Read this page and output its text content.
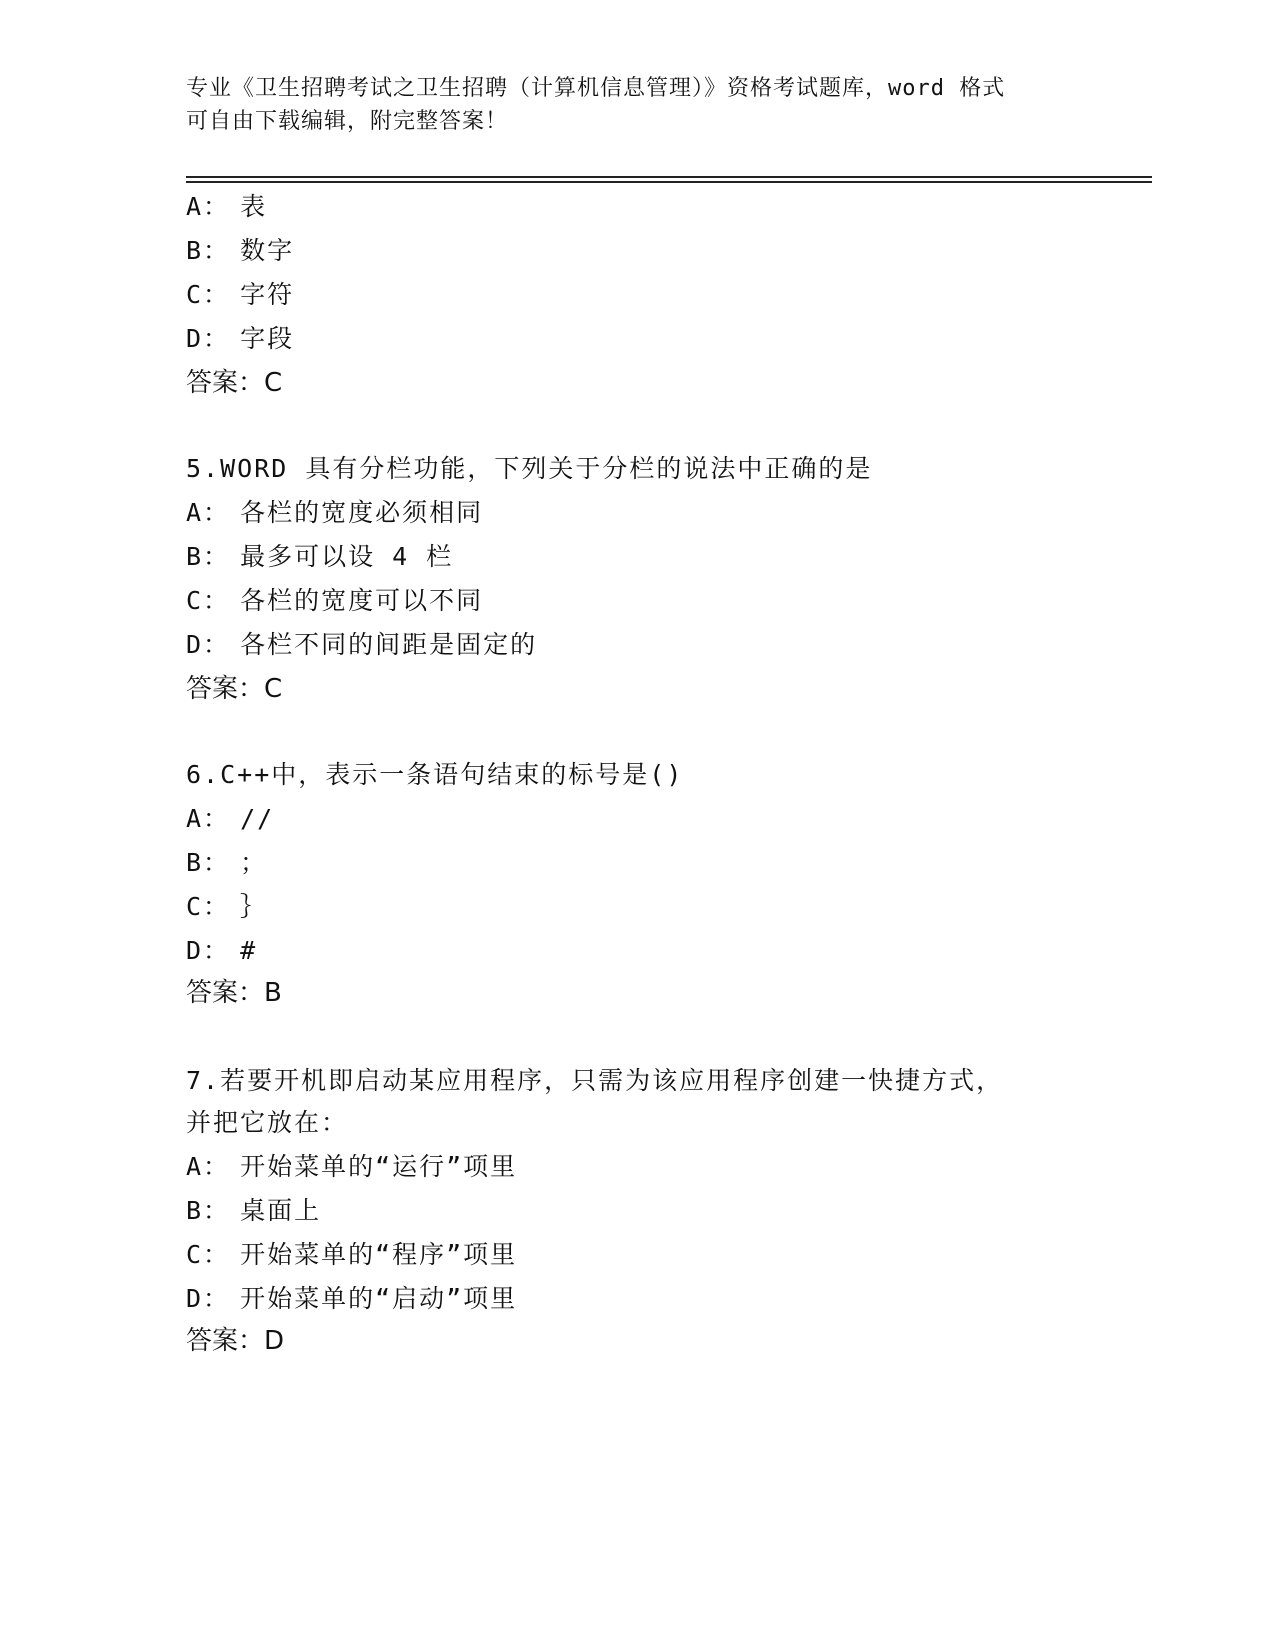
专业《卫生招聘考试之卫生招聘（计算机信息管理）》资格考试题库，word 格式
可自由下载编辑，附完整答案！
A： 表
B： 数字
C： 字符
D： 字段
答案：C
5.WORD 具有分栏功能，下列关于分栏的说法中正确的是
A： 各栏的宽度必须相同
B： 最多可以设 4 栏
C： 各栏的宽度可以不同
D： 各栏不同的间距是固定的
答案：C
6.C++中，表示一条语句结束的标号是()
A： //
B： ；
C： ｝
D： #
答案：B
7.若要开机即启动某应用程序，只需为该应用程序创建一快捷方式，
并把它放在：
A： 开始菜单的“运行”项里
B： 桌面上
C： 开始菜单的“程序”项里
D： 开始菜单的“启动”项里
答案：D
